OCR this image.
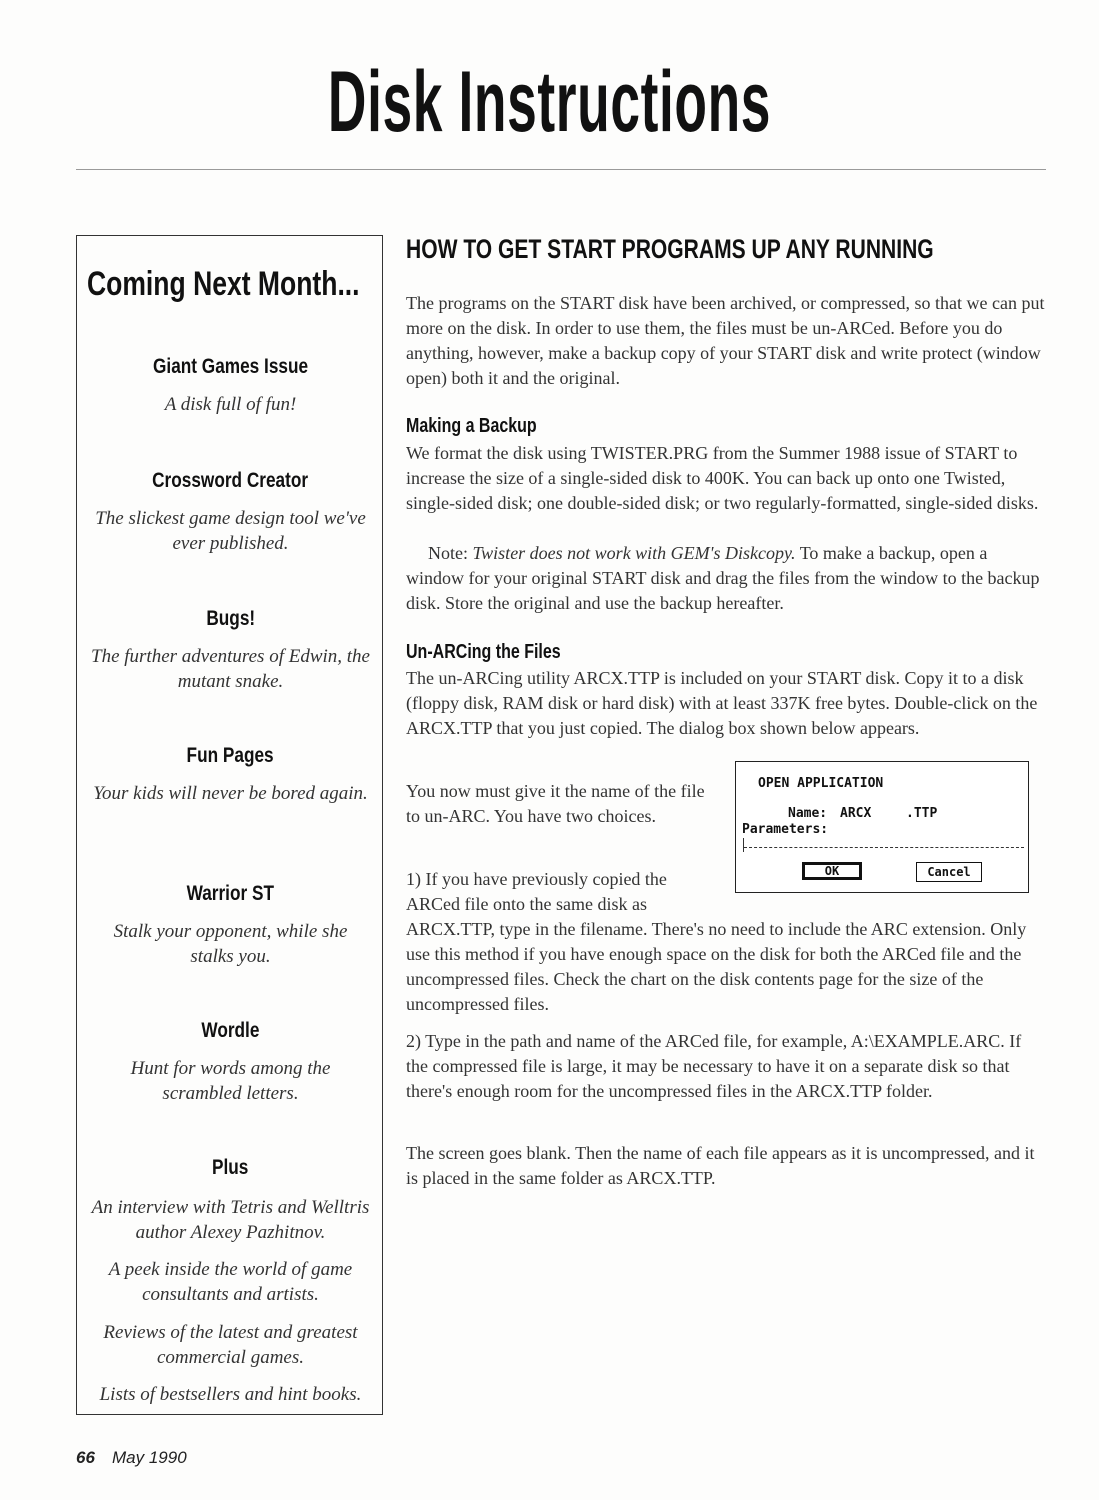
Disk Instructions
Coming Next Month...
Giant Games Issue
A disk full of fun!
Crossword Creator
The slickest game design tool we've ever published.
Bugs!
The further adventures of Edwin, the mutant snake.
Fun Pages
Your kids will never be bored again.
Warrior ST
Stalk your opponent, while she stalks you.
Wordle
Hunt for words among the scrambled letters.
Plus
An interview with Tetris and Welltris author Alexey Pazhitnov.
A peek inside the world of game consultants and artists.
Reviews of the latest and greatest commercial games.
Lists of bestsellers and hint books.
HOW TO GET START PROGRAMS UP ANY RUNNING

The programs on the START disk have been archived, or compressed, so that we can put more on the disk. In order to use them, the files must be un-ARCed. Before you do anything, however, make a backup copy of your START disk and write protect (window open) both it and the original.

Making a Backup

We format the disk using TWISTER.PRG from the Summer 1988 issue of START to increase the size of a single-sided disk to 400K. You can back up onto one Twisted, single-sided disk; one double-sided disk; or two regularly-formatted, single-sided disks.

Note: Twister does not work with GEM's Diskcopy. To make a backup, open a window for your original START disk and drag the files from the window to the backup disk. Store the original and use the backup hereafter.

Un-ARCing the Files

The un-ARCing utility ARCX.TTP is included on your START disk. Copy it to a disk (floppy disk, RAM disk or hard disk) with at least 337K free bytes. Double-click on the ARCX.TTP that you just copied. The dialog box shown below appears.

You now must give it the name of the file to un-ARC. You have two choices.

1) If you have previously copied the ARCed file onto the same disk as

ARCX.TTP, type in the filename. There's no need to include the ARC extension. Only use this method if you have enough space on the disk for both the ARCed file and the uncompressed files. Check the chart on the disk contents page for the size of the uncompressed files.

2) Type in the path and name of the ARCed file, for example, A:\EXAMPLE.ARC. If the compressed file is large, it may be necessary to have it on a separate disk so that there's enough room for the uncompressed files in the ARCX.TTP folder.

The screen goes blank. Then the name of each file appears as it is uncompressed, and it is placed in the same folder as ARCX.TTP.

OPEN APPLICATION
Name: ARCX	.TTP
Parameters:
OK	Cancel
66 May 1990
